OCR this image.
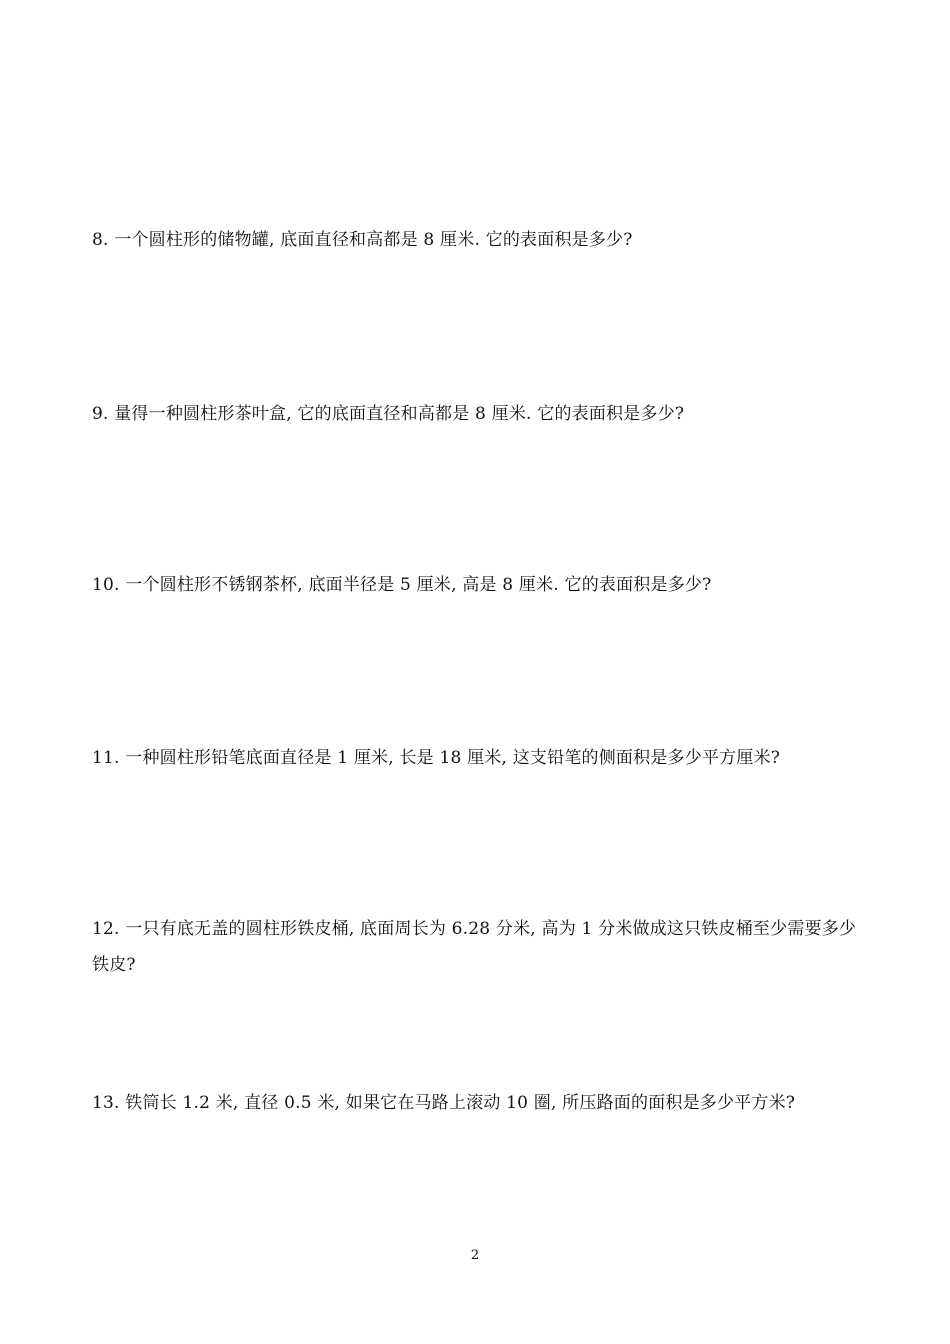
8. 一个圆柱形的储物罐, 底面直径和高都是 8 厘米. 它的表面积是多少?

9. 量得一种圆柱形茶叶盒, 它的底面直径和高都是 8 厘米. 它的表面积是多少?

10. 一个圆柱形不锈钢茶杯, 底面半径是 5 厘米, 高是 8 厘米. 它的表面积是多少?

11. 一种圆柱形铅笔底面直径是 1 厘米, 长是 18 厘米, 这支铅笔的侧面积是多少平方厘米?

12. 一只有底无盖的圆柱形铁皮桶, 底面周长为 6.28 分米, 高为 1 分米做成这只铁皮桶至少需要多少铁皮?

13. 铁筒长 1.2 米, 直径 0.5 米, 如果它在马路上滚动 10 圈, 所压路面的面积是多少平方米?

2
